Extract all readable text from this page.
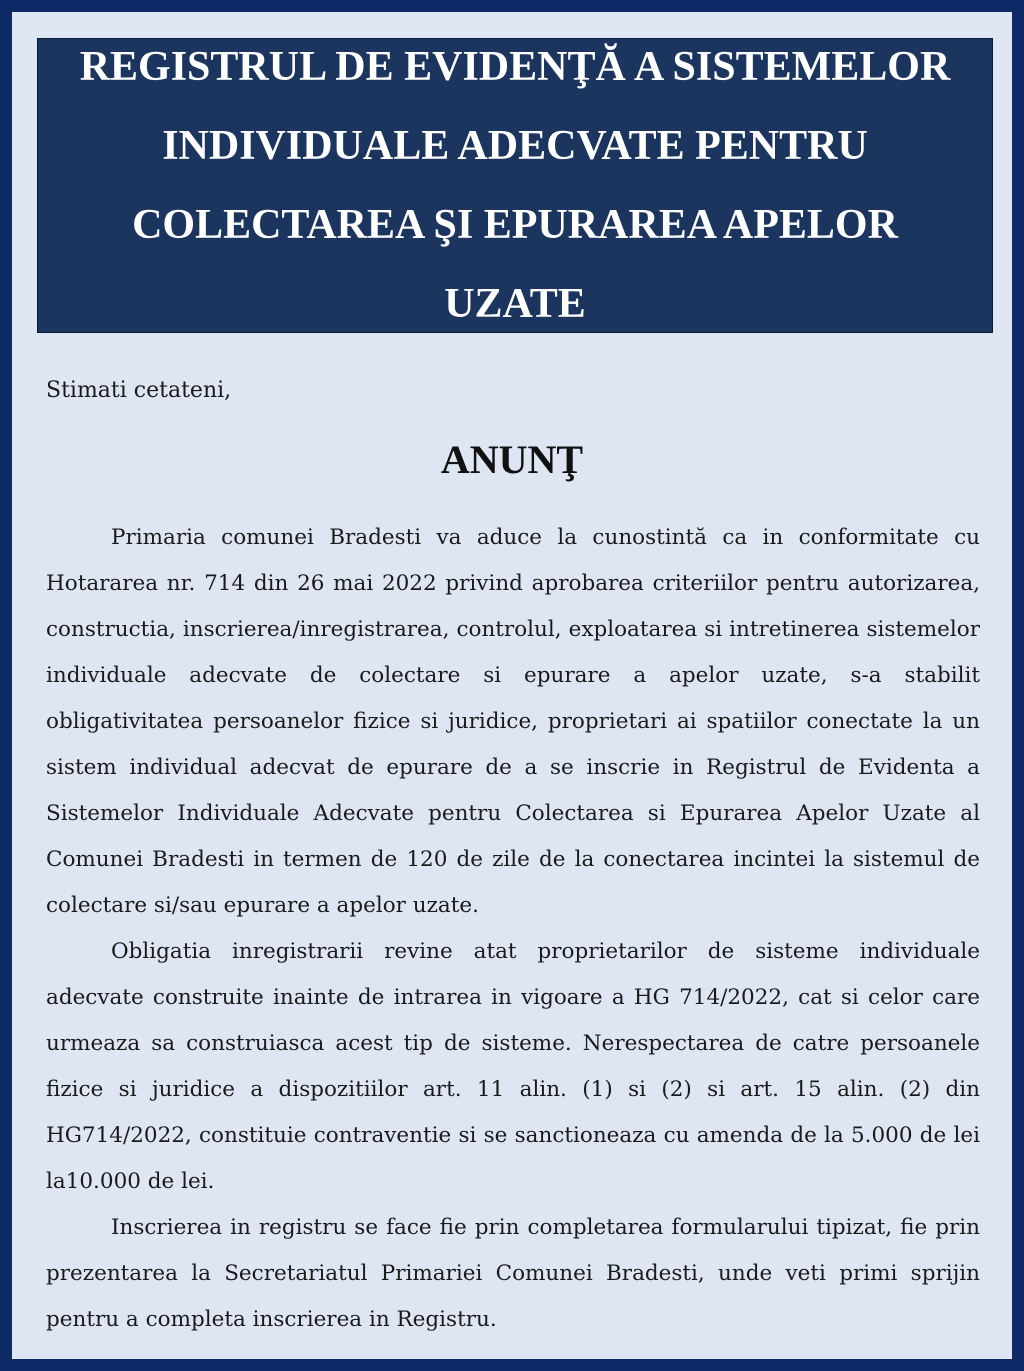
REGISTRUL DE EVIDENŢĂ A SISTEMELOR INDIVIDUALE ADECVATE PENTRU COLECTAREA ŞI EPURAREA APELOR UZATE

Stimati cetateni,

ANUNŢ

Primaria comunei Bradesti va aduce la cunostintă ca in conformitate cu Hotararea nr. 714 din 26 mai 2022 privind aprobarea criteriilor pentru autorizarea, constructia, inscrierea/inregistrarea, controlul, exploatarea si intretinerea sistemelor individuale adecvate de colectare si epurare a apelor uzate, s-a stabilit obligativitatea persoanelor fizice si juridice, proprietari ai spatiilor conectate la un sistem individual adecvat de epurare de a se inscrie in Registrul de Evidenta a Sistemelor Individuale Adecvate pentru Colectarea si Epurarea Apelor Uzate al Comunei Bradesti in termen de 120 de zile de la conectarea incintei la sistemul de colectare si/sau epurare a apelor uzate.

Obligatia inregistrarii revine atat proprietarilor de sisteme individuale adecvate construite inainte de intrarea in vigoare a HG 714/2022, cat si celor care urmeaza sa construiasca acest tip de sisteme. Nerespectarea de catre persoanele fizice si juridice a dispozitiilor art. 11 alin. (1) si (2) si art. 15 alin. (2) din HG714/2022, constituie contraventie si se sanctioneaza cu amenda de la 5.000 de lei la10.000 de lei.

Inscrierea in registru se face fie prin completarea formularului tipizat, fie prin prezentarea la Secretariatul Primariei Comunei Bradesti, unde veti primi sprijin pentru a completa inscrierea in Registru.
